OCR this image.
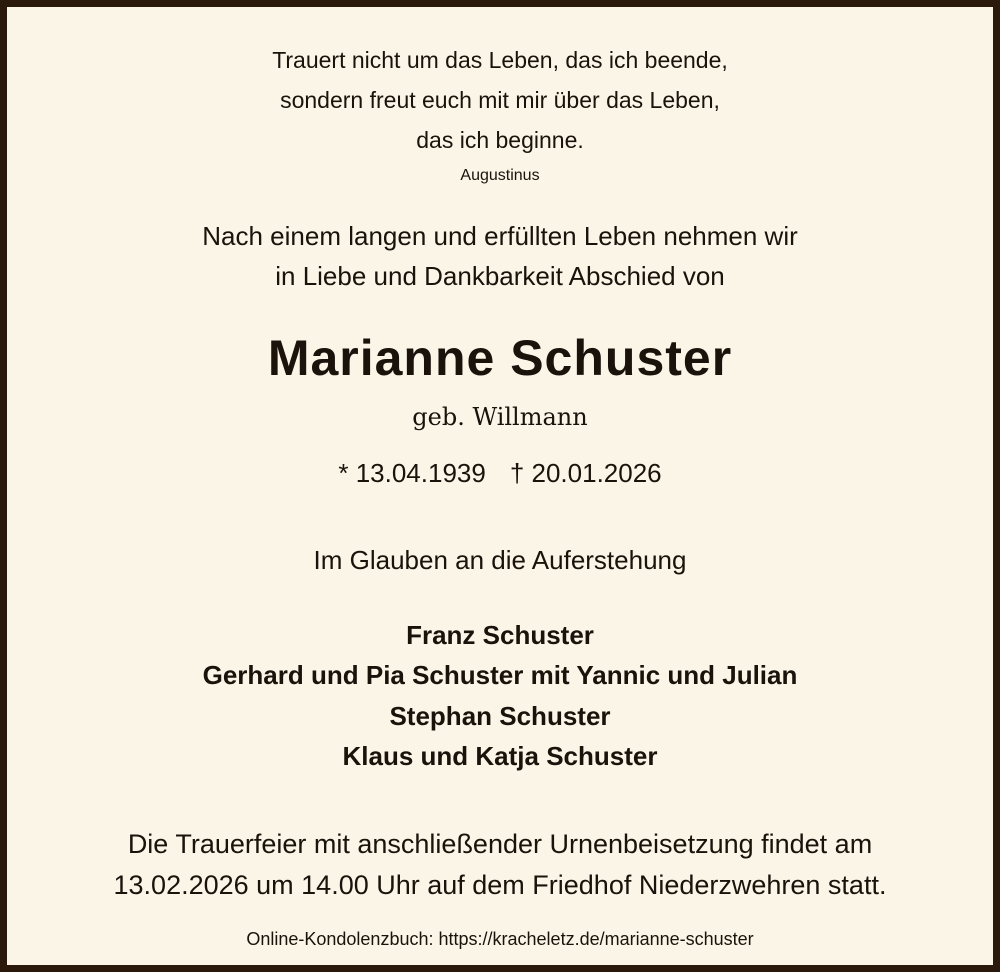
Trauert nicht um das Leben, das ich beende,
sondern freut euch mit mir über das Leben,
das ich beginne.
Augustinus
Nach einem langen und erfüllten Leben nehmen wir
in Liebe und Dankbarkeit Abschied von
Marianne Schuster
geb. Willmann
* 13.04.1939 † 20.01.2026
Im Glauben an die Auferstehung
Franz Schuster
Gerhard und Pia Schuster mit Yannic und Julian
Stephan Schuster
Klaus und Katja Schuster
Die Trauerfeier mit anschließender Urnenbeisetzung findet am
13.02.2026 um 14.00 Uhr auf dem Friedhof Niederzwehren statt.
Online-Kondolenzbuch: https://kracheletz.de/marianne-schuster
